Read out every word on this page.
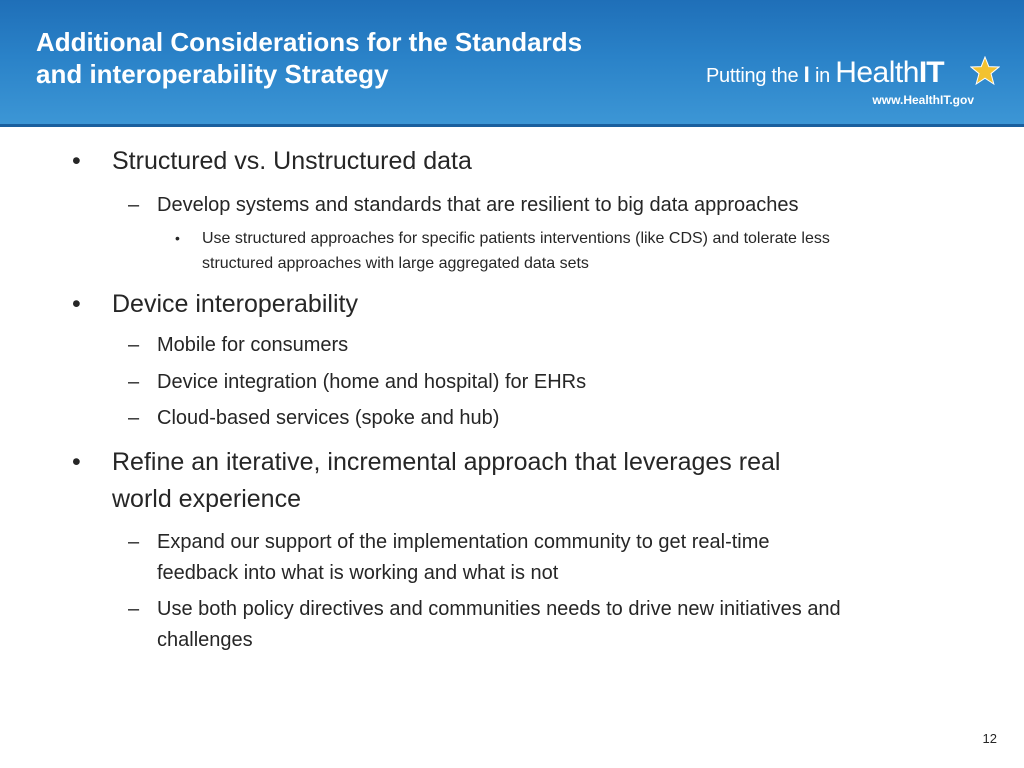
Additional Considerations for the Standards
and interoperability Strategy	Putting the I in HealthIT
www.HealthIT.gov
• Structured vs. Unstructured data
– Develop systems and standards that are resilient to big data approaches
• Use structured approaches for specific patients interventions (like CDS) and tolerate less
structured approaches with large aggregated data sets
• Device interoperability
– Mobile for consumers
– Device integration (home and hospital) for EHRs
– Cloud-based services (spoke and hub)
• Refine an iterative, incremental approach that leverages real
world experience
– Expand our support of the implementation community to get real-time
feedback into what is working and what is not
– Use both policy directives and communities needs to drive new initiatives and
challenges
12
